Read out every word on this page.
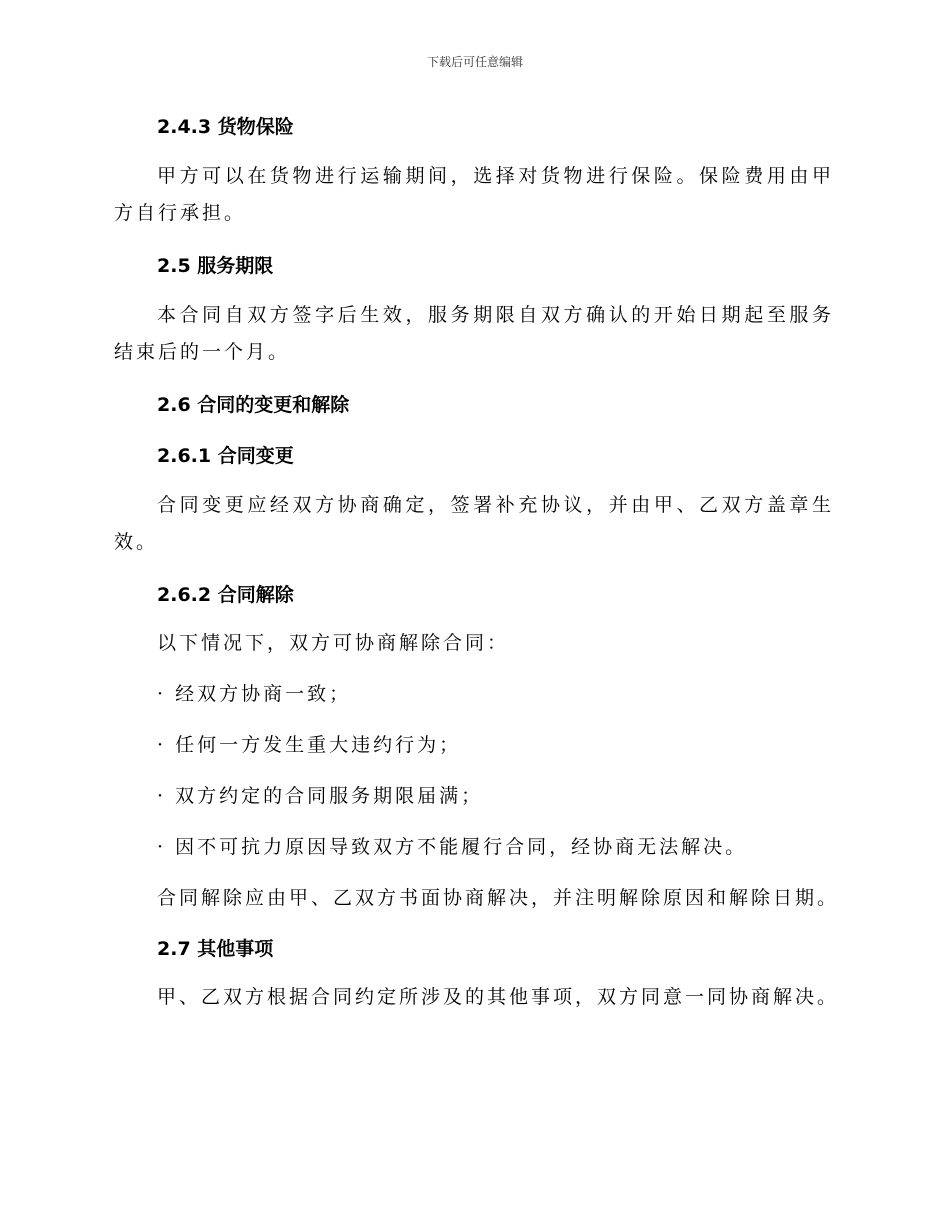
下载后可任意编辑

2.4.3 货物保险

甲方可以在货物进行运输期间，选择对货物进行保险。保险费用由甲方自行承担。

2.5 服务期限

本合同自双方签字后生效，服务期限自双方确认的开始日期起至服务结束后的一个月。

2.6 合同的变更和解除

2.6.1 合同变更

合同变更应经双方协商确定，签署补充协议，并由甲、乙双方盖章生效。

2.6.2 合同解除

以下情况下，双方可协商解除合同：

· 经双方协商一致；

· 任何一方发生重大违约行为；

· 双方约定的合同服务期限届满；

· 因不可抗力原因导致双方不能履行合同，经协商无法解决。

合同解除应由甲、乙双方书面协商解决，并注明解除原因和解除日期。

2.7 其他事项

甲、乙双方根据合同约定所涉及的其他事项，双方同意一同协商解决。
